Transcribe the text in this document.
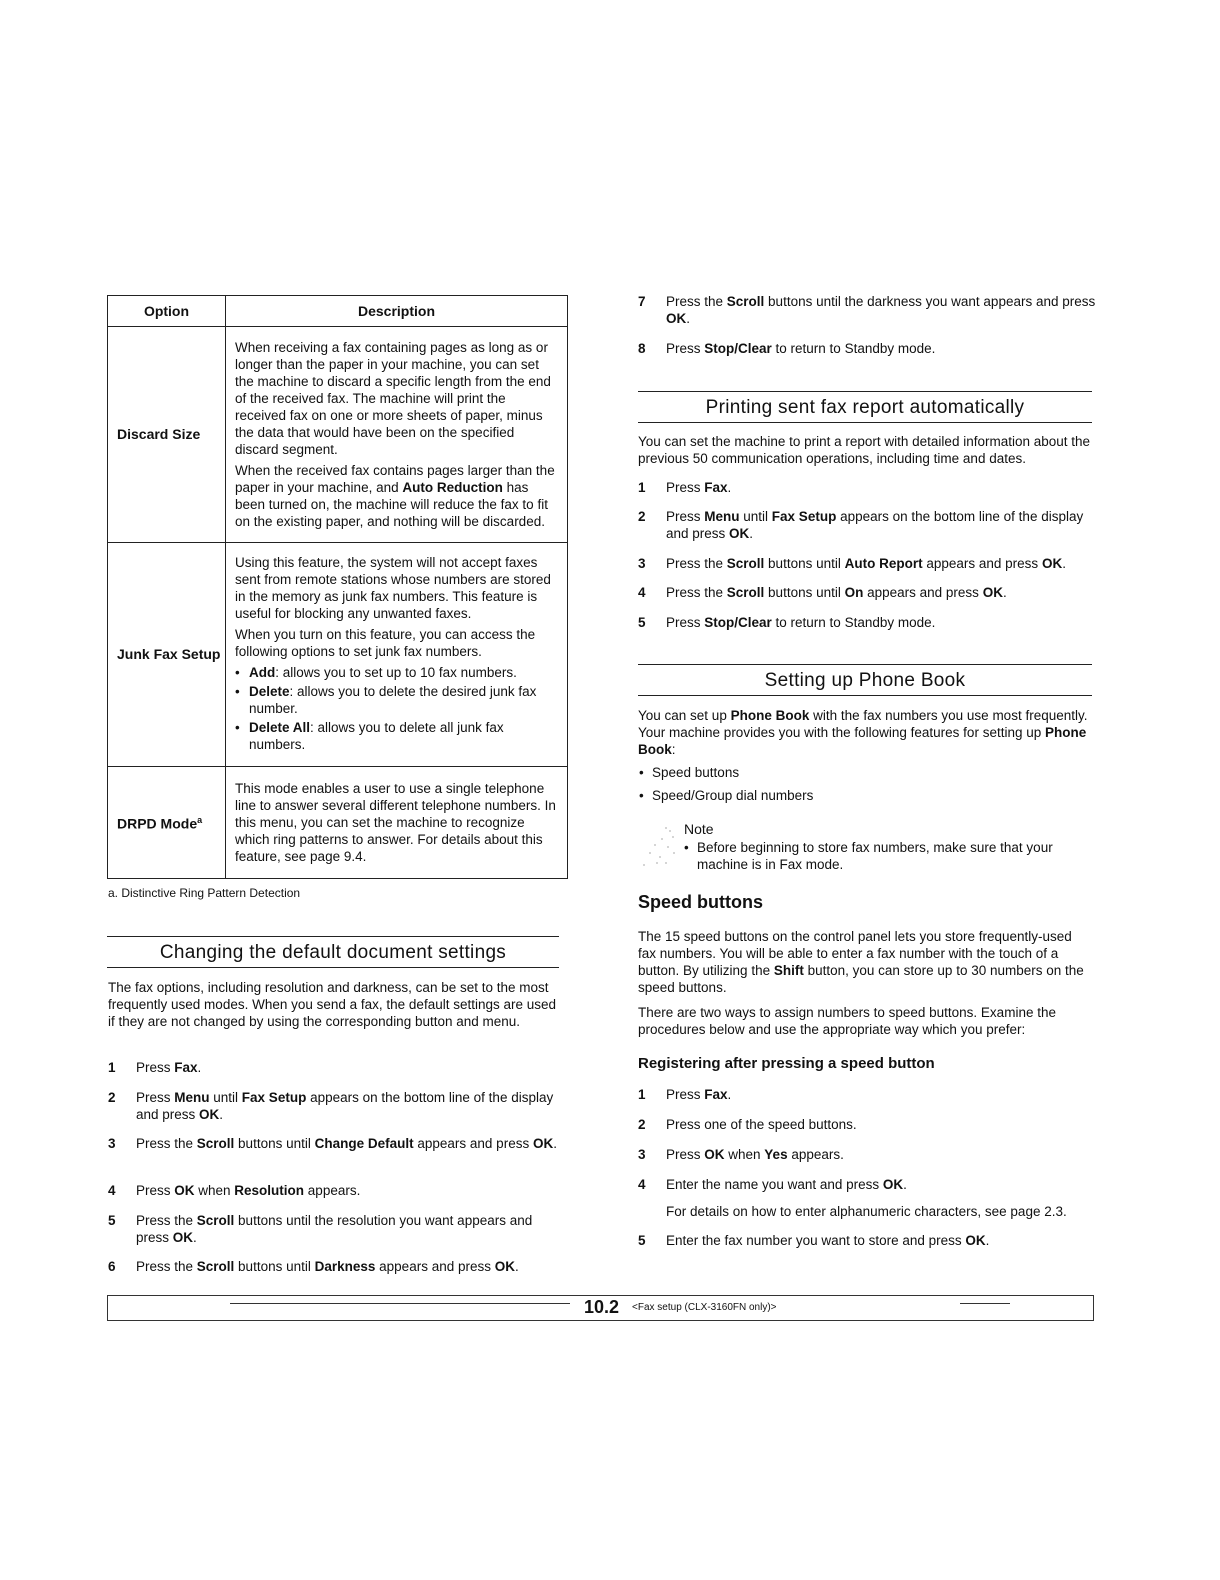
Option	Description
Discard Size	When receiving a fax containing pages as long as or longer than the paper in your machine, you can set the machine to discard a specific length from the end of the received fax. The machine will print the received fax on one or more sheets of paper, minus the data that would have been on the specified discard segment.

When the received fax contains pages larger than the paper in your machine, and Auto Reduction has been turned on, the machine will reduce the fax to fit on the existing paper, and nothing will be discarded.

Junk Fax Setup	Using this feature, the system will not accept faxes sent from remote stations whose numbers are stored in the memory as junk fax numbers. This feature is useful for blocking any unwanted faxes.

When you turn on this feature, you can access the following options to set junk fax numbers.

• Add: allows you to set up to 10 fax numbers.
• Delete: allows you to delete the desired junk fax number.
• Delete All: allows you to delete all junk fax numbers.

DRPD Mode$^a$	This mode enables a user to use a single telephone line to answer several different telephone numbers. In this menu, you can set the machine to recognize which ring patterns to answer. For details about this feature, see page 9.4.

a. Distinctive Ring Pattern Detection
Changing the default document settings
The fax options, including resolution and darkness, can be set to the most frequently used modes. When you send a fax, the default settings are used if they are not changed by using the corresponding button and menu.
1 Press Fax.
2 Press Menu until Fax Setup appears on the bottom line of the display and press OK.
3 Press the Scroll buttons until Change Default appears and press OK.
4 Press OK when Resolution appears.
5 Press the Scroll buttons until the resolution you want appears and press OK.
6 Press the Scroll buttons until Darkness appears and press OK.
7 Press the Scroll buttons until the darkness you want appears and press OK.
8 Press Stop/Clear to return to Standby mode.
Printing sent fax report automatically
You can set the machine to print a report with detailed information about the previous 50 communication operations, including time and dates.
1 Press Fax.
2 Press Menu until Fax Setup appears on the bottom line of the display and press OK.
3 Press the Scroll buttons until Auto Report appears and press OK.
4 Press the Scroll buttons until On appears and press OK.
5 Press Stop/Clear to return to Standby mode.
Setting up Phone Book
You can set up Phone Book with the fax numbers you use most frequently. Your machine provides you with the following features for setting up Phone Book:
• Speed buttons
• Speed/Group dial numbers
Note
• Before beginning to store fax numbers, make sure that your machine is in Fax mode.
Speed buttons
The 15 speed buttons on the control panel lets you store frequently-used fax numbers. You will be able to enter a fax number with the touch of a button. By utilizing the Shift button, you can store up to 30 numbers on the speed buttons.
There are two ways to assign numbers to speed buttons. Examine the procedures below and use the appropriate way which you prefer:
Registering after pressing a speed button
1 Press Fax.
2 Press one of the speed buttons.
3 Press OK when Yes appears.
4 Enter the name you want and press OK.
For details on how to enter alphanumeric characters, see page 2.3.
5 Enter the fax number you want to store and press OK.
10.2 <Fax setup (CLX-3160FN only)>
